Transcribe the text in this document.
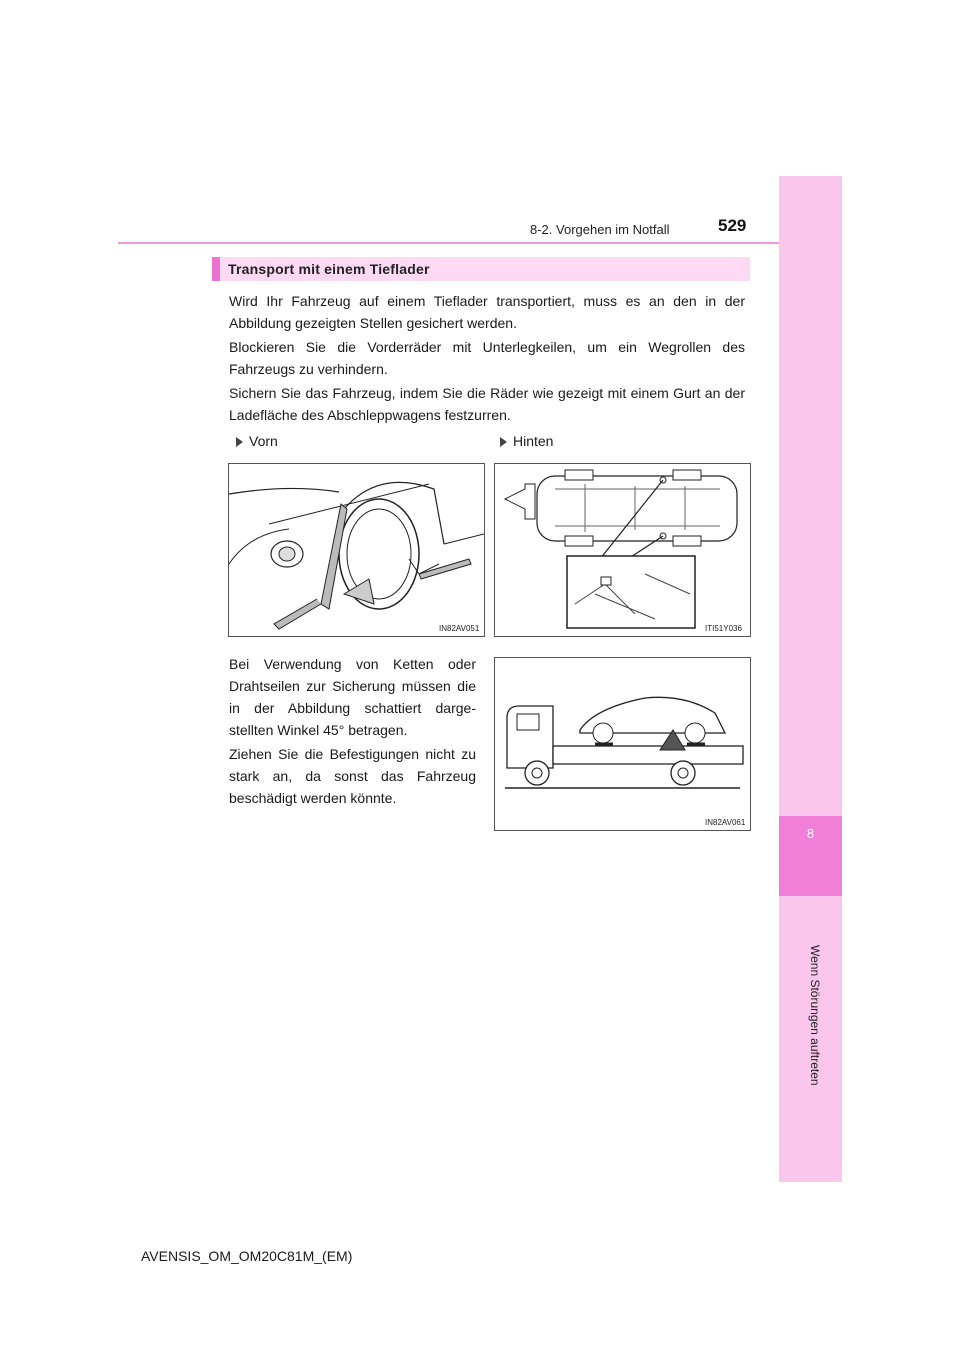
8
Wenn Störungen auftreten
8-2. Vorgehen im Notfall	529
Transport mit einem Tieflader
Wird Ihr Fahrzeug auf einem Tieflader transportiert, muss es an den in der Abbildung gezeigten Stellen gesichert werden.
Blockieren Sie die Vorderräder mit Unterlegkeilen, um ein Wegrollen des Fahrzeugs zu verhindern.
Sichern Sie das Fahrzeug, indem Sie die Räder wie gezeigt mit einem Gurt an der Ladefläche des Abschleppwagens festzurren.
Vorn	Hinten
IN82AV051	ITI51Y036
Bei Verwendung von Ketten oder Drahtseilen zur Sicherung müssen die in der Abbildung schattiert darge-stellten Winkel 45° betragen.
Ziehen Sie die Befestigungen nicht zu stark an, da sonst das Fahrzeug beschädigt werden könnte.
IN82AV061
AVENSIS_OM_OM20C81M_(EM)
